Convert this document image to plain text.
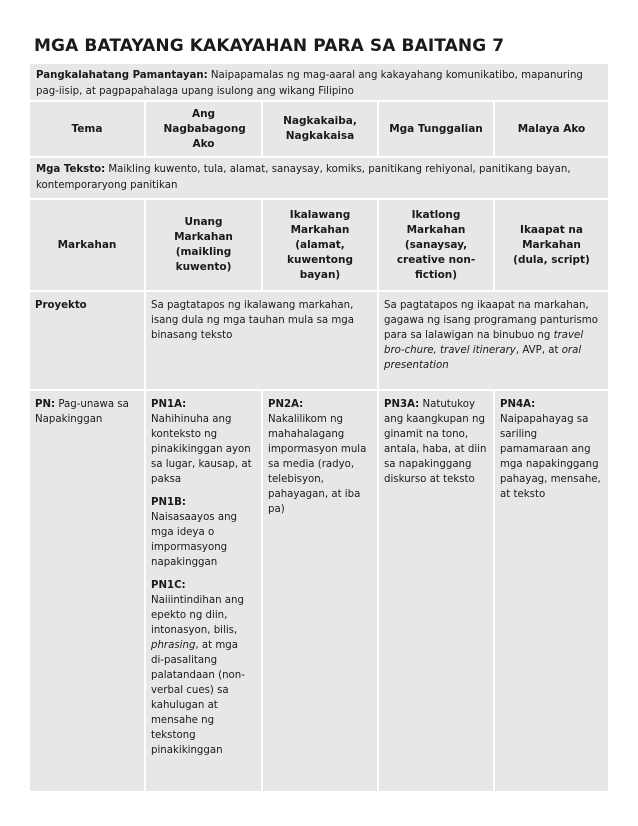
MGA BATAYANG KAKAYAHAN PARA SA BAITANG 7
Pangkalahatang Pamantayan: Naipapamalas ng mag-aaral ang kakayahang komunikatibo, mapanuring pag-iisip, at pagpapahalaga upang isulong ang wikang Filipino
Tema
Ang Nagbabagong Ako
Nagkakaiba, Nagkakaisa
Mga Tunggalian	Malaya Ako
Mga Teksto: Maikling kuwento, tula, alamat, sanaysay, komiks, panitikang rehiyonal, panitikang bayan, kontemporaryong panitikan
Markahan
Unang Markahan (maikling kuwento)
Ikalawang Markahan (alamat, kuwentong bayan)
Ikatlong Markahan (sanaysay, creative non-fiction)
Ikaapat na Markahan (dula, script)
Proyekto	Sa pagtatapos ng ikalawang markahan, isang dula ng mga tauhan mula sa mga binasang teksto
Sa pagtatapos ng ikaapat na markahan, gagawa ng isang programang panturismo para sa lalawigan na binubuo ng travel bro-chure, travel itinerary, AVP, at oral presentation
PN: Pag-unawa sa Napakinggan
PN1A:
Nahihinuha ang konteksto ng pinakikinggan ayon sa lugar, kausap, at paksa
PN1B:
Naisasaayos ang mga ideya o impormasyong napakinggan
PN1C:
Naiiintindihan ang epekto ng diin, intonasyon, bilis, phrasing, at mga di-pasalitang palatandaan (non-verbal cues) sa kahulugan at mensahe ng tekstong pinakikinggan
PN2A:
Nakalilikom ng mahahalagang impormasyon mula sa media (radyo, telebisyon, pahayagan, at iba pa)
PN3A: Natutukoy ang kaangkupan ng ginamit na tono, antala, haba, at diin sa napakinggang diskurso at teksto
PN4A:
Naipapahayag sa sariling pamamaraan ang mga napakinggang pahayag, mensahe, at teksto
